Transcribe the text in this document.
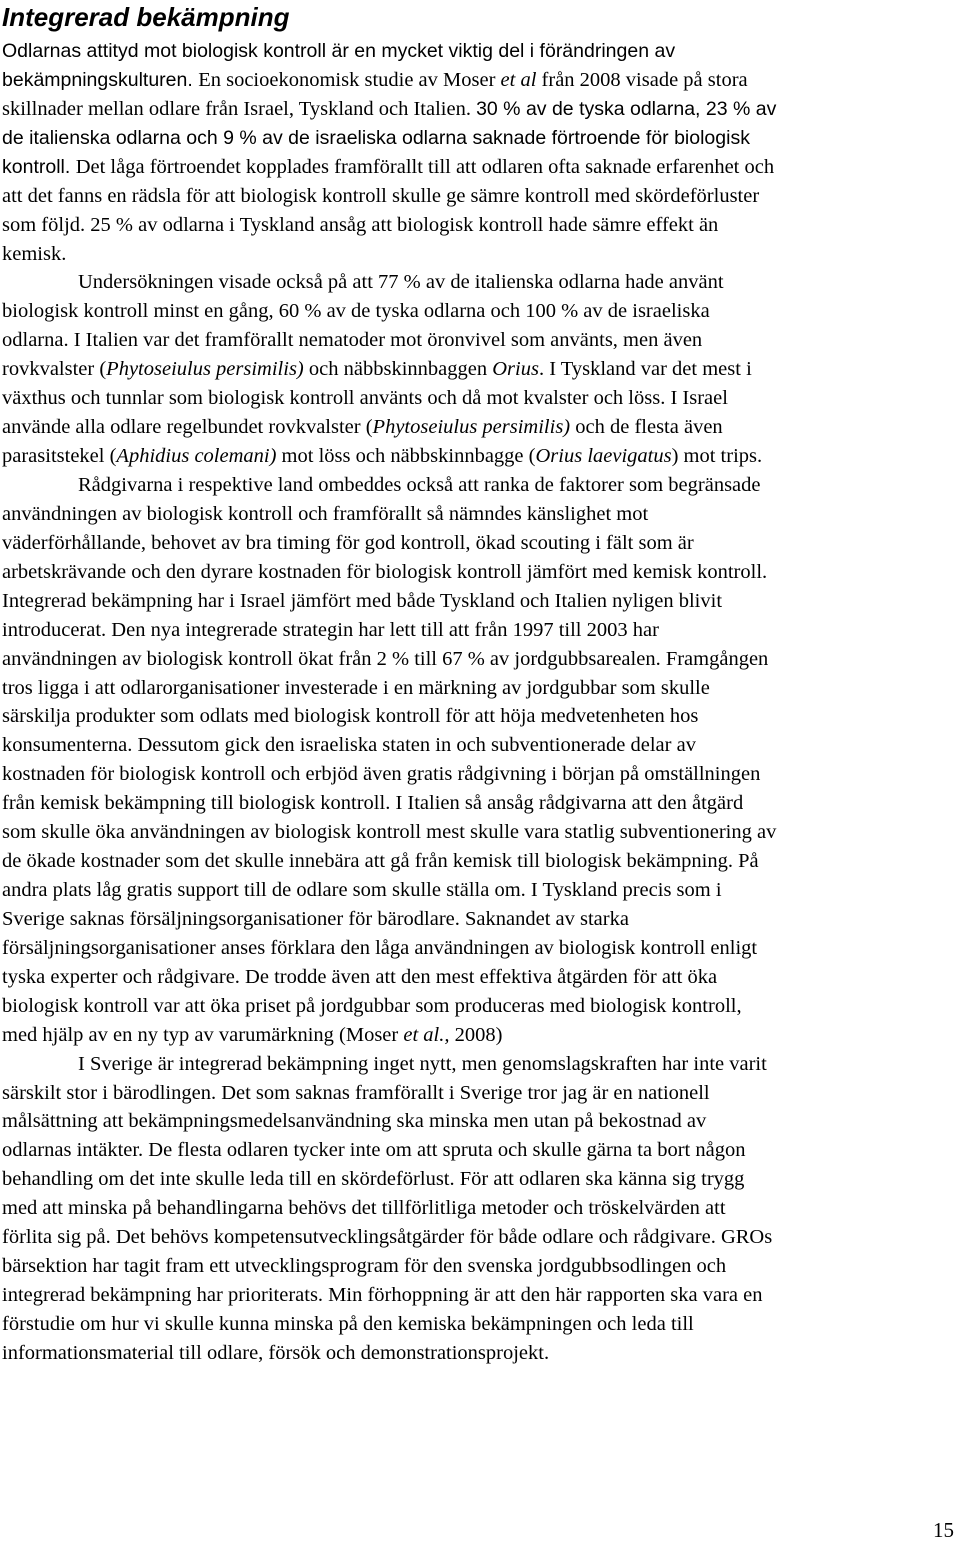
Integrerad bekämpning
Odlarnas attityd mot biologisk kontroll är en mycket viktig del i förändringen av
bekämpningskulturen. En socioekonomisk studie av Moser et al från 2008 visade på stora
skillnader mellan odlare från Israel, Tyskland och Italien. 30 % av de tyska odlarna, 23 % av
de italienska odlarna och 9 % av de israeliska odlarna saknade förtroende för biologisk
kontroll. Det låga förtroendet kopplades framförallt till att odlaren ofta saknade erfarenhet och
att det fanns en rädsla för att biologisk kontroll skulle ge sämre kontroll med skördeförluster
som följd. 25 % av odlarna i Tyskland ansåg att biologisk kontroll hade sämre effekt än
kemisk.
Undersökningen visade också på att 77 % av de italienska odlarna hade använt
biologisk kontroll minst en gång, 60 % av de tyska odlarna och 100 % av de israeliska
odlarna. I Italien var det framförallt nematoder mot öronvivel som använts, men även
rovkvalster (Phytoseiulus persimilis) och näbbskinnbaggen Orius. I Tyskland var det mest i
växthus och tunnlar som biologisk kontroll använts och då mot kvalster och löss. I Israel
använde alla odlare regelbundet rovkvalster (Phytoseiulus persimilis) och de flesta även
parasitstekel (Aphidius colemani) mot löss och näbbskinnbagge (Orius laevigatus) mot trips.
Rådgivarna i respektive land ombeddes också att ranka de faktorer som begränsade
användningen av biologisk kontroll och framförallt så nämndes känslighet mot
väderförhållande, behovet av bra timing för god kontroll, ökad scouting i fält som är
arbetskrävande och den dyrare kostnaden för biologisk kontroll jämfört med kemisk kontroll.
Integrerad bekämpning har i Israel jämfört med både Tyskland och Italien nyligen blivit
introducerat. Den nya integrerade strategin har lett till att från 1997 till 2003 har
användningen av biologisk kontroll ökat från 2 % till 67 % av jordgubbsarealen. Framgången
tros ligga i att odlarorganisationer investerade i en märkning av jordgubbar som skulle
särskilja produkter som odlats med biologisk kontroll för att höja medvetenheten hos
konsumenterna. Dessutom gick den israeliska staten in och subventionerade delar av
kostnaden för biologisk kontroll och erbjöd även gratis rådgivning i början på omställningen
från kemisk bekämpning till biologisk kontroll. I Italien så ansåg rådgivarna att den åtgärd
som skulle öka användningen av biologisk kontroll mest skulle vara statlig subventionering av
de ökade kostnader som det skulle innebära att gå från kemisk till biologisk bekämpning. På
andra plats låg gratis support till de odlare som skulle ställa om. I Tyskland precis som i
Sverige saknas försäljningsorganisationer för bärodlare. Saknandet av starka
försäljningsorganisationer anses förklara den låga användningen av biologisk kontroll enligt
tyska experter och rådgivare. De trodde även att den mest effektiva åtgärden för att öka
biologisk kontroll var att öka priset på jordgubbar som produceras med biologisk kontroll,
med hjälp av en ny typ av varumärkning (Moser et al., 2008)
I Sverige är integrerad bekämpning inget nytt, men genomslagskraften har inte varit
särskilt stor i bärodlingen. Det som saknas framförallt i Sverige tror jag är en nationell
målsättning att bekämpningsmedelsanvändning ska minska men utan på bekostnad av
odlarnas intäkter. De flesta odlaren tycker inte om att spruta och skulle gärna ta bort någon
behandling om det inte skulle leda till en skördeförlust. För att odlaren ska känna sig trygg
med att minska på behandlingarna behövs det tillförlitliga metoder och tröskelvärden att
förlita sig på. Det behövs kompetensutvecklingsåtgärder för både odlare och rådgivare. GROs
bärsektion har tagit fram ett utvecklingsprogram för den svenska jordgubbsodlingen och
integrerad bekämpning har prioriterats. Min förhoppning är att den här rapporten ska vara en
förstudie om hur vi skulle kunna minska på den kemiska bekämpningen och leda till
informationsmaterial till odlare, försök och demonstrationsprojekt.
15
